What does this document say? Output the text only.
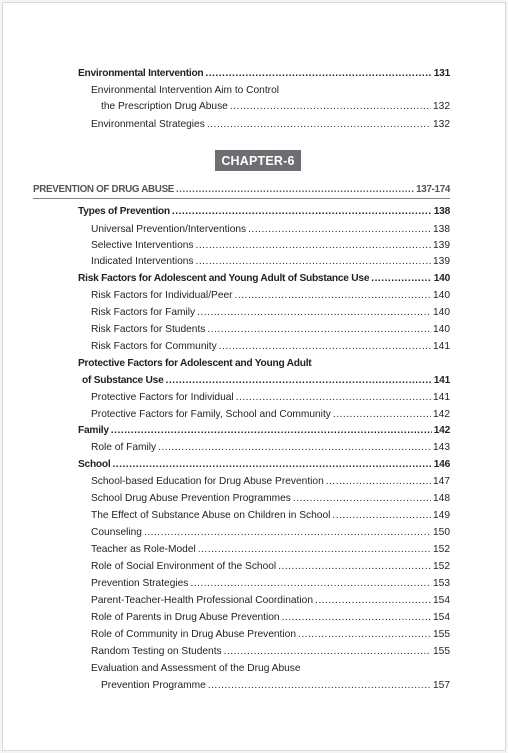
Environmental Intervention .....	131
Environmental Intervention Aim to Control
the Prescription Drug Abuse .....	132
Environmental Strategies .....	132
CHAPTER-6
PREVENTION OF DRUG ABUSE .....	137-174
Types of Prevention .....	138
Universal Prevention/Interventions .....	138
Selective Interventions .....	139
Indicated Interventions .....	139
Risk Factors for Adolescent and Young Adult of Substance Use .....	140
Risk Factors for Individual/Peer .....	140
Risk Factors for Family .....	140
Risk Factors for Students .....	140
Risk Factors for Community .....	141
Protective Factors for Adolescent and Young Adult
of Substance Use .....	141
Protective Factors for Individual .....	141
Protective Factors for Family, School and Community .....	142
Family .....	142
Role of Family .....	143
School .....	146
School-based Education for Drug Abuse Prevention .....	147
School Drug Abuse Prevention Programmes .....	148
The Effect of Substance Abuse on Children in School .....	149
Counseling .....	150
Teacher as Role-Model .....	152
Role of Social Environment of the School .....	152
Prevention Strategies .....	153
Parent-Teacher-Health Professional Coordination .....	154
Role of Parents in Drug Abuse Prevention .....	154
Role of Community in Drug Abuse Prevention .....	155
Random Testing on Students .....	155
Evaluation and Assessment of the Drug Abuse
Prevention Programme .....	157
